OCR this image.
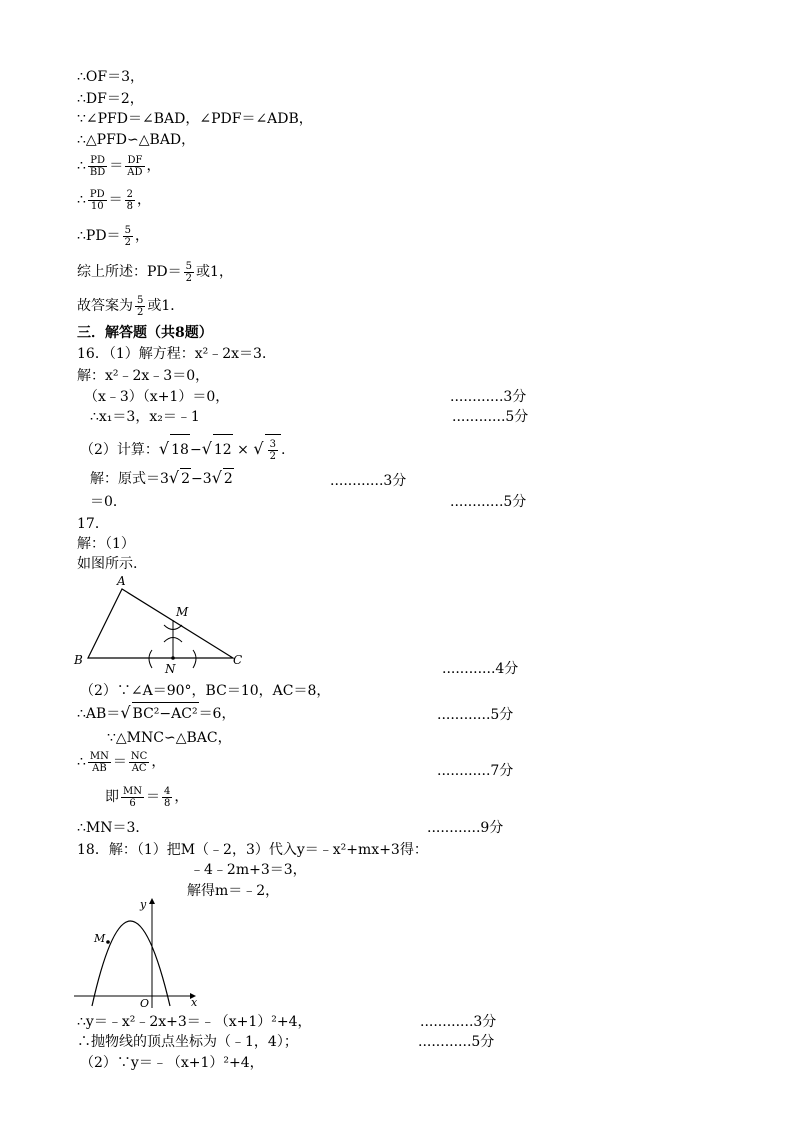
∴OF＝3，
∴DF＝2，
∵∠PFD＝∠BAD，∠PDF＝∠ADB，
∴△PFD∽△BAD，
∴ $\frac{PD}{BD} = \frac{DF}{AD}$ ，
∴ $\frac{PD}{10} = \frac{2}{8}$ ，
∴PD＝ $\frac{5}{2}$ ，
综上所述：$PD= \frac{5}{2}$ 或1，
故答案为 $\frac{5}{2}$ 或1．
三．解答题（共8题）
16．（1）解方程：x²﹣2x＝3．
解：x²﹣2x﹣3＝0，
（x﹣3）（x+1）＝0，	............3分
∴x₁＝3，x₂＝﹣1	............5分
（2）计算：√ 18−√ 12 × √ $\frac{3}{2}$ .
解：原式＝3√ 2−3√ 2	............3分
＝0．	............5分
17．
解：（1）
如图所示.
A
B	C
M
N	............4分
（2）∵∠A＝90°，BC＝10，AC＝8，
∴AB＝√ BC²−AC²＝6，	............5分
∵△MNC∽△BAC，
∴ $\frac{MN}{AB} = \frac{NC}{AC}$ ，
............7分
即 $\frac{MN}{6} = \frac{4}{8}$ ，
∴MN＝3．	............9分
18．解：（1）把M（﹣2，3）代入y＝﹣x²+mx+3得：
﹣4﹣2m+3＝3，
解得m＝﹣2，
y
x
O
M
∴y＝﹣x²﹣2x+3＝﹣（x+1）²+4，	............3分
∴抛物线的顶点坐标为（﹣1，4）；	............5分
（2）∵y＝﹣（x+1）²+4，
